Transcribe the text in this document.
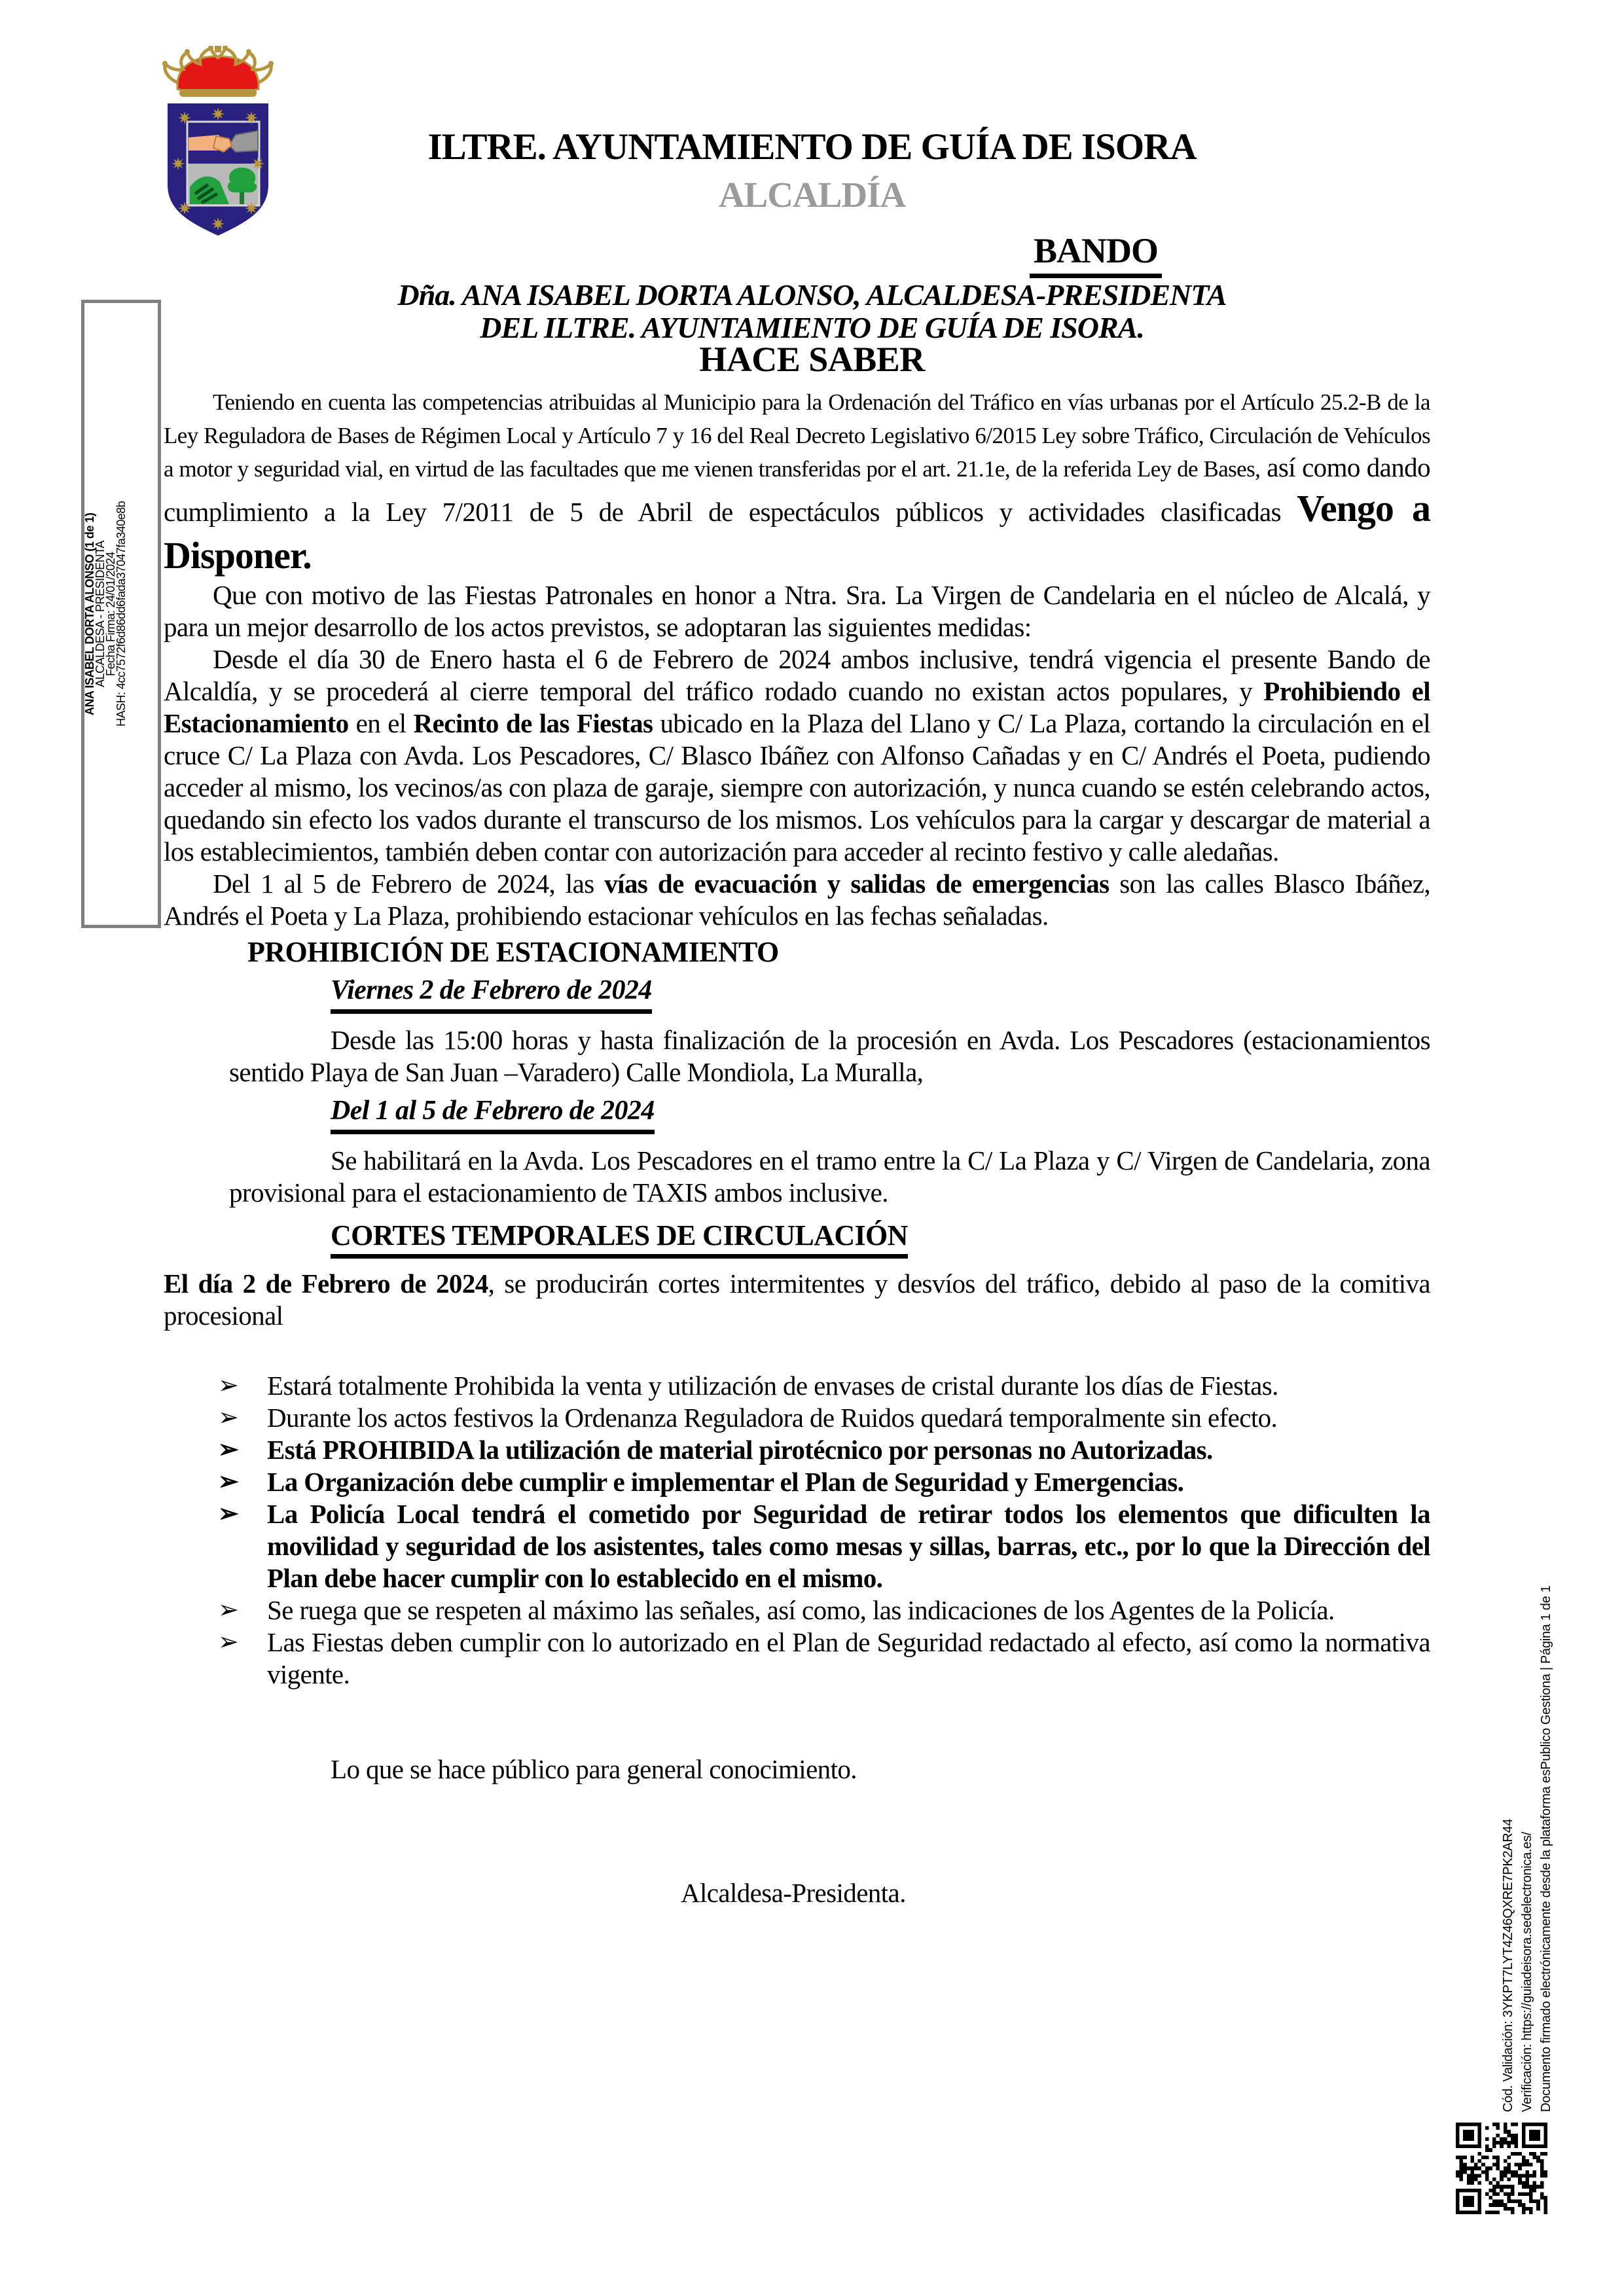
ILTRE. AYUNTAMIENTO DE GUÍA DE ISORA
ALCALDÍA
BANDO
Dña. ANA ISABEL DORTA ALONSO, ALCALDESA-PRESIDENTA
DEL ILTRE. AYUNTAMIENTO DE GUÍA DE ISORA.
HACE SABER

Teniendo en cuenta las competencias atribuidas al Municipio para la Ordenación del Tráfico en vías urbanas por el Artículo 25.2-B de la Ley Reguladora de Bases de Régimen Local y Artículo 7 y 16 del Real Decreto Legislativo 6/2015 Ley sobre Tráfico, Circulación de Vehículos a motor y seguridad vial, en virtud de las facultades que me vienen transferidas por el art. 21.1e, de la referida Ley de Bases, así como dando cumplimiento a la Ley 7/2011 de 5 de Abril de espectáculos públicos y actividades clasificadas Vengo a Disponer.

Que con motivo de las Fiestas Patronales en honor a Ntra. Sra. La Virgen de Candelaria en el núcleo de Alcalá, y para un mejor desarrollo de los actos previstos, se adoptaran las siguientes medidas:

Desde el día 30 de Enero hasta el 6 de Febrero de 2024 ambos inclusive, tendrá vigencia el presente Bando de Alcaldía, y se procederá al cierre temporal del tráfico rodado cuando no existan actos populares, y Prohibiendo el Estacionamiento en el Recinto de las Fiestas ubicado en la Plaza del Llano y C/ La Plaza, cortando la circulación en el cruce C/ La Plaza con Avda. Los Pescadores, C/ Blasco Ibáñez con Alfonso Cañadas y en C/ Andrés el Poeta, pudiendo acceder al mismo, los vecinos/as con plaza de garaje, siempre con autorización, y nunca cuando se estén celebrando actos, quedando sin efecto los vados durante el transcurso de los mismos. Los vehículos para la cargar y descargar de material a los establecimientos, también deben contar con autorización para acceder al recinto festivo y calle aledañas.

Del 1 al 5 de Febrero de 2024, las vías de evacuación y salidas de emergencias son las calles Blasco Ibáñez, Andrés el Poeta y La Plaza, prohibiendo estacionar vehículos en las fechas señaladas.

PROHIBICIÓN DE ESTACIONAMIENTO

Viernes 2 de Febrero de 2024

Desde las 15:00 horas y hasta finalización de la procesión en Avda. Los Pescadores (estacionamientos sentido Playa de San Juan –Varadero) Calle Mondiola, La Muralla,

Del 1 al 5 de Febrero de 2024

Se habilitará en la Avda. Los Pescadores en el tramo entre la C/ La Plaza y C/ Virgen de Candelaria, zona provisional para el estacionamiento de TAXIS ambos inclusive.

CORTES TEMPORALES DE CIRCULACIÓN

El día 2 de Febrero de 2024, se producirán cortes intermitentes y desvíos del tráfico, debido al paso de la comitiva procesional

➢ Estará totalmente Prohibida la venta y utilización de envases de cristal durante los días de Fiestas.
➢ Durante los actos festivos la Ordenanza Reguladora de Ruidos quedará temporalmente sin efecto.
➢ Está PROHIBIDA la utilización de material pirotécnico por personas no Autorizadas.
➢ La Organización debe cumplir e implementar el Plan de Seguridad y Emergencias.
➢ La Policía Local tendrá el cometido por Seguridad de retirar todos los elementos que dificulten la movilidad y seguridad de los asistentes, tales como mesas y sillas, barras, etc., por lo que la Dirección del Plan debe hacer cumplir con lo establecido en el mismo.
➢ Se ruega que se respeten al máximo las señales, así como, las indicaciones de los Agentes de la Policía.
➢ Las Fiestas deben cumplir con lo autorizado en el Plan de Seguridad redactado al efecto, así como la normativa vigente.

Lo que se hace público para general conocimiento.

Alcaldesa-Presidenta.

ANA ISABEL DORTA ALONSO (1 de 1)
ALCALDESA - PRESIDENTA
Fecha Firma: 24/01/2024
HASH: 4cc7572f6d86dd6fada37047fa340e8b
Cód. Validación: 3YKPT7LYT4Z46QXRE7PK2AR44 Verificación: https://guiadeisora.sedelectronica.es/ Documento firmado electrónicamente desde la plataforma esPublico Gestiona | Página 1 de 1
